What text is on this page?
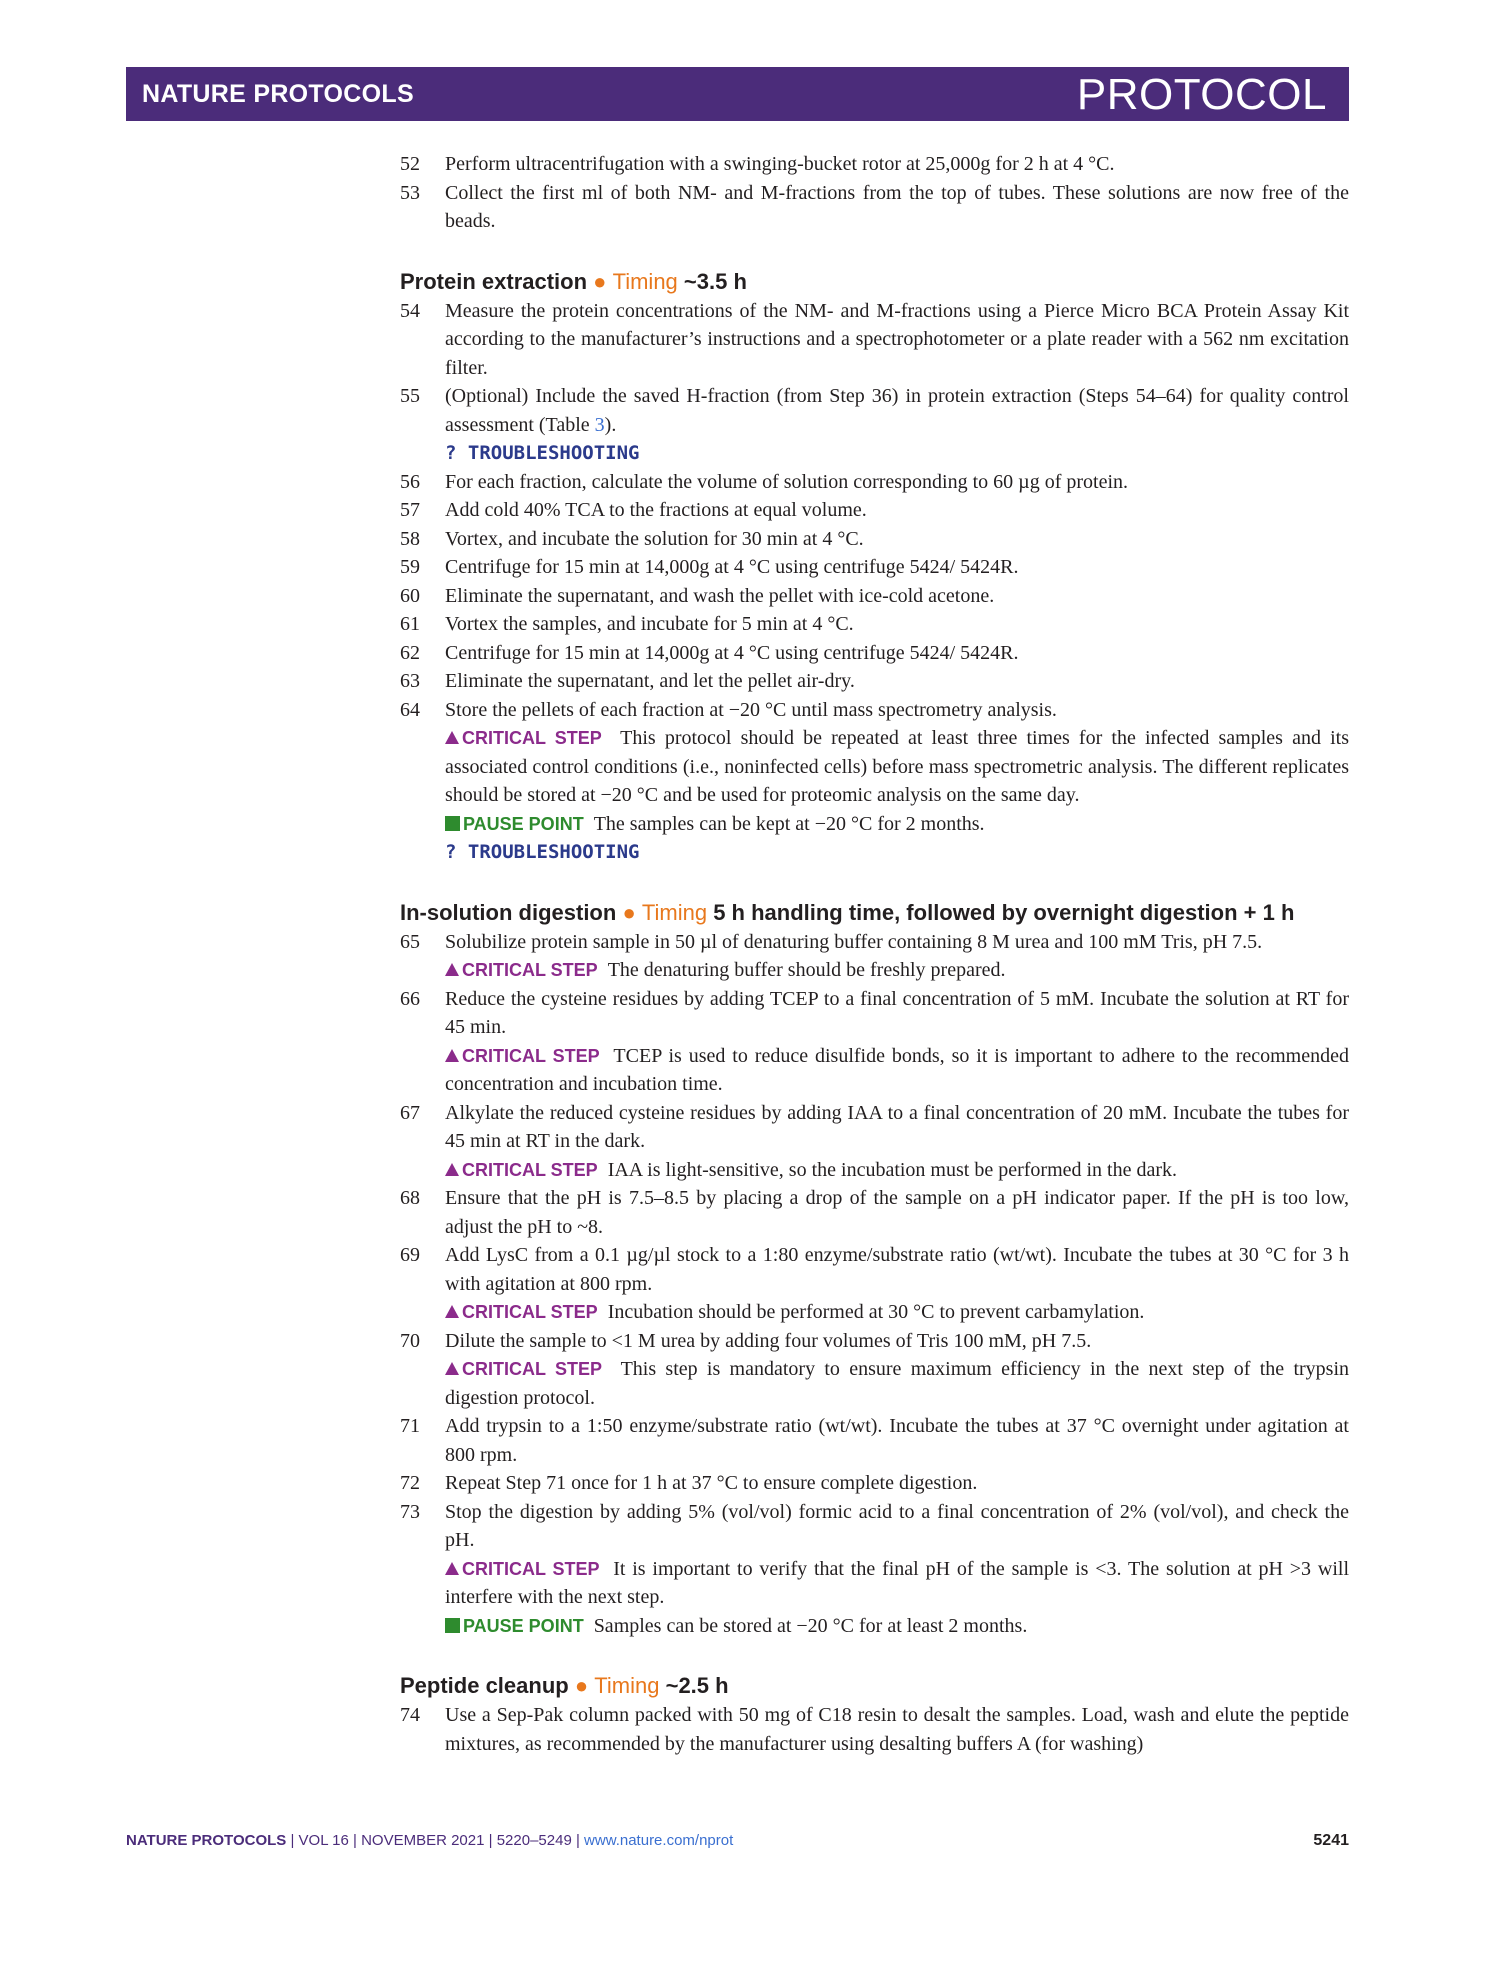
NATURE PROTOCOLS	PROTOCOL
52	Perform ultracentrifugation with a swinging-bucket rotor at 25,000g for 2 h at 4 °C.
53	Collect the first ml of both NM- and M-fractions from the top of tubes. These solutions are now free of the beads.
Protein extraction ● Timing ~3.5 h
54	Measure the protein concentrations of the NM- and M-fractions using a Pierce Micro BCA Protein Assay Kit according to the manufacturer’s instructions and a spectrophotometer or a plate reader with a 562 nm excitation filter.
55	(Optional) Include the saved H-fraction (from Step 36) in protein extraction (Steps 54–64) for quality control assessment (Table 3).
? TROUBLESHOOTING
56	For each fraction, calculate the volume of solution corresponding to 60 µg of protein.
57	Add cold 40% TCA to the fractions at equal volume.
58	Vortex, and incubate the solution for 30 min at 4 °C.
59	Centrifuge for 15 min at 14,000g at 4 °C using centrifuge 5424/ 5424R.
60	Eliminate the supernatant, and wash the pellet with ice-cold acetone.
61	Vortex the samples, and incubate for 5 min at 4 °C.
62	Centrifuge for 15 min at 14,000g at 4 °C using centrifuge 5424/ 5424R.
63	Eliminate the supernatant, and let the pellet air-dry.
64	Store the pellets of each fraction at −20 °C until mass spectrometry analysis.
CRITICAL STEP This protocol should be repeated at least three times for the infected samples and its associated control conditions (i.e., noninfected cells) before mass spectrometric analysis. The different replicates should be stored at −20 °C and be used for proteomic analysis on the same day.
PAUSE POINT The samples can be kept at −20 °C for 2 months.
? TROUBLESHOOTING
In-solution digestion ● Timing 5 h handling time, followed by overnight digestion + 1 h
65	Solubilize protein sample in 50 µl of denaturing buffer containing 8 M urea and 100 mM Tris, pH 7.5.
CRITICAL STEP The denaturing buffer should be freshly prepared.
66	Reduce the cysteine residues by adding TCEP to a final concentration of 5 mM. Incubate the solution at RT for 45 min.
CRITICAL STEP TCEP is used to reduce disulfide bonds, so it is important to adhere to the recommended concentration and incubation time.
67	Alkylate the reduced cysteine residues by adding IAA to a final concentration of 20 mM. Incubate the tubes for 45 min at RT in the dark.
CRITICAL STEP IAA is light-sensitive, so the incubation must be performed in the dark.
68	Ensure that the pH is 7.5–8.5 by placing a drop of the sample on a pH indicator paper. If the pH is too low, adjust the pH to ~8.
69	Add LysC from a 0.1 µg/µl stock to a 1:80 enzyme/substrate ratio (wt/wt). Incubate the tubes at 30 °C for 3 h with agitation at 800 rpm.
CRITICAL STEP Incubation should be performed at 30 °C to prevent carbamylation.
70	Dilute the sample to <1 M urea by adding four volumes of Tris 100 mM, pH 7.5.
CRITICAL STEP This step is mandatory to ensure maximum efficiency in the next step of the trypsin digestion protocol.
71	Add trypsin to a 1:50 enzyme/substrate ratio (wt/wt). Incubate the tubes at 37 °C overnight under agitation at 800 rpm.
72	Repeat Step 71 once for 1 h at 37 °C to ensure complete digestion.
73	Stop the digestion by adding 5% (vol/vol) formic acid to a final concentration of 2% (vol/vol), and check the pH.
CRITICAL STEP It is important to verify that the final pH of the sample is <3. The solution at pH >3 will interfere with the next step.
PAUSE POINT Samples can be stored at −20 °C for at least 2 months.
Peptide cleanup ● Timing ~2.5 h
74	Use a Sep-Pak column packed with 50 mg of C18 resin to desalt the samples. Load, wash and elute the peptide mixtures, as recommended by the manufacturer using desalting buffers A (for washing)
NATURE PROTOCOLS | VOL 16 | NOVEMBER 2021 | 5220–5249 | www.nature.com/nprot	5241
